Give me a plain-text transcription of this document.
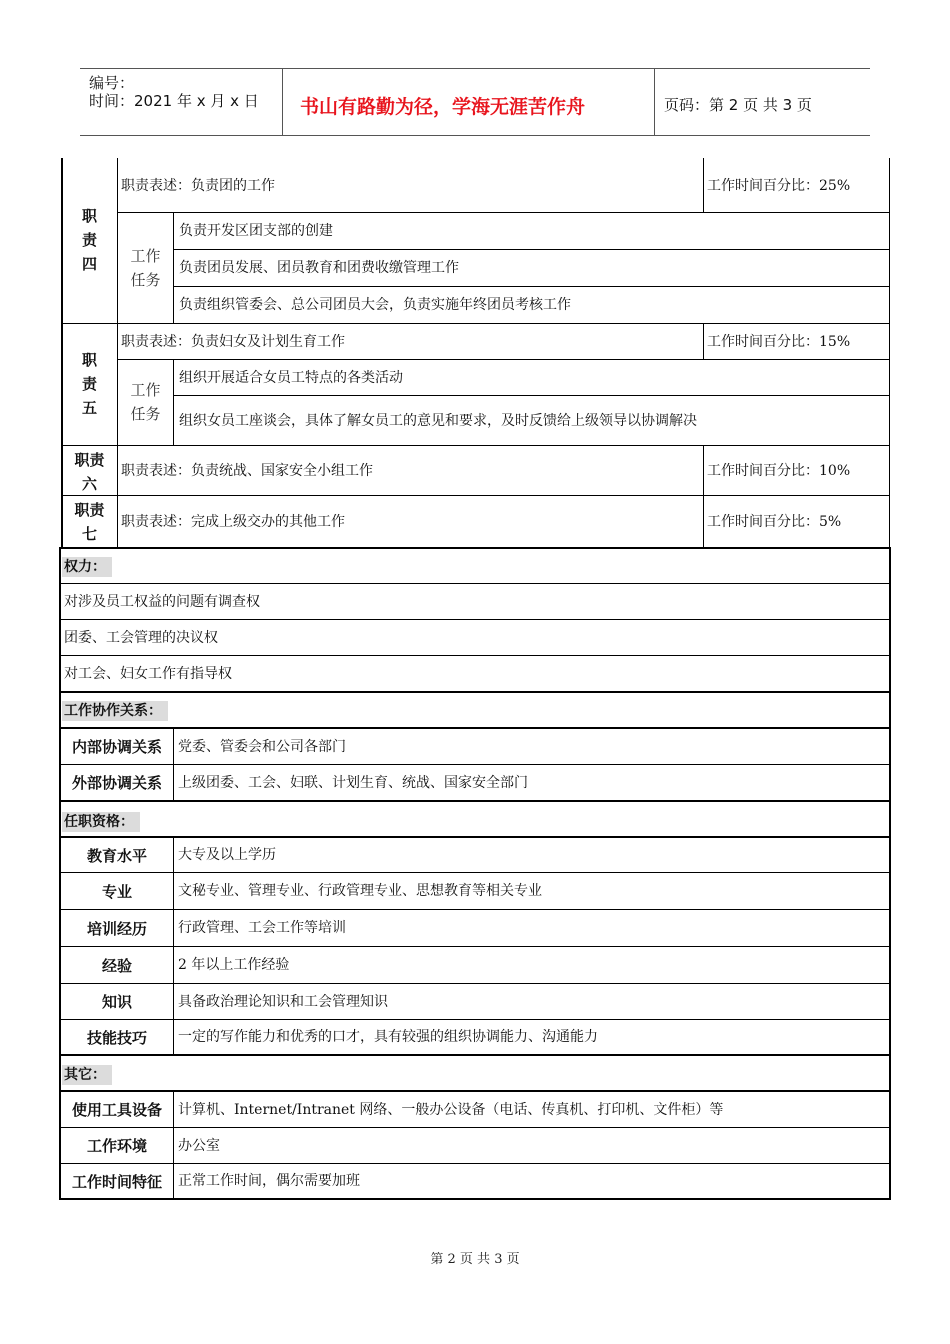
编号：
时间：2021 年 x 月 x 日 书山有路勤为径，学海无涯苦作舟	页码：第 2 页 共 3 页
职
责
四
职责表述：负责团的工作	工作时间百分比：25%
工作
任务
负责开发区团支部的创建
负责团员发展、团员教育和团费收缴管理工作
负责组织管委会、总公司团员大会，负责实施年终团员考核工作
职
责
五
职责表述：负责妇女及计划生育工作	工作时间百分比：15%
工作
任务
组织开展适合女员工特点的各类活动
组织女员工座谈会，具体了解女员工的意见和要求，及时反馈给上级领导以协调解决
职责
六
职责表述：负责统战、国家安全小组工作	工作时间百分比：10%
职责
七
职责表述：完成上级交办的其他工作	工作时间百分比：5%
权力：
对涉及员工权益的问题有调查权
团委、工会管理的决议权
对工会、妇女工作有指导权
工作协作关系：
内部协调关系	党委、管委会和公司各部门
外部协调关系	上级团委、工会、妇联、计划生育、统战、国家安全部门
任职资格：
教育水平	大专及以上学历
专业	文秘专业、管理专业、行政管理专业、思想教育等相关专业
培训经历	行政管理、工会工作等培训
经验	2 年以上工作经验
知识	具备政治理论知识和工会管理知识
技能技巧	一定的写作能力和优秀的口才，具有较强的组织协调能力、沟通能力
其它：
使用工具设备	计算机、Internet/Intranet 网络、一般办公设备（电话、传真机、打印机、文件柜）等
工作环境	办公室
工作时间特征	正常工作时间，偶尔需要加班
第 2 页 共 3 页
